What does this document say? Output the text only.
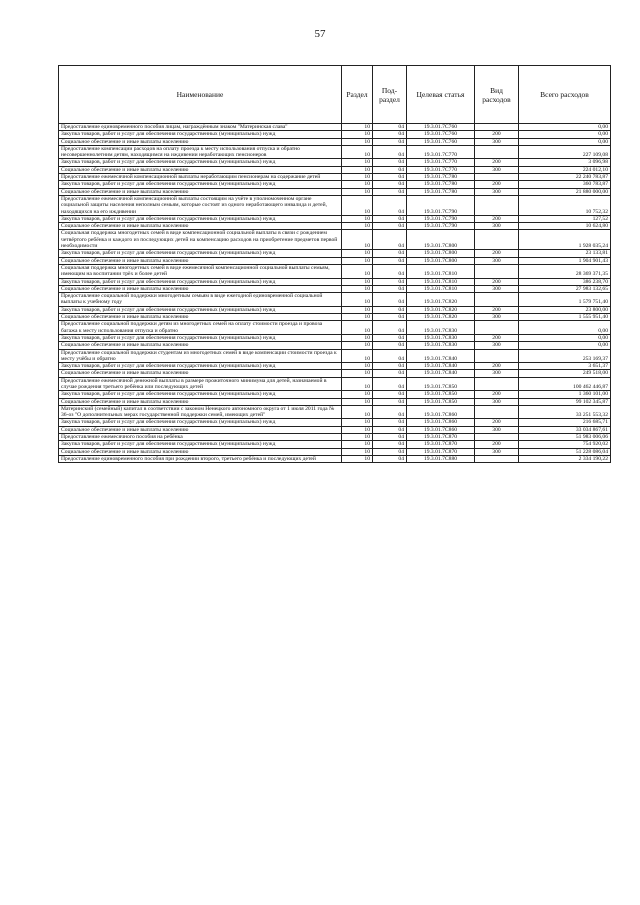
57
Наименование	Раздел	Под-раздел	Целевая статья	Вид расходов	Всего расходов
Предоставление единовременного пособия лицам, награждённым знаком "Материнская слава"	10	04	19.3.01.7С760		0,00
Закупка товаров, работ и услуг для обеспечения государственных (муниципальных) нужд	10	04	19.3.01.7С760	200	0,00
Социальное обеспечение и иные выплаты населению	10	04	19.3.01.7С760	300	0,00
Предоставление компенсации расходов на оплату проезда к месту использования отпуска и обратно несовершеннолетним детям, находящимся на иждивении неработающих пенсионеров	10	04	19.3.01.7С770		227 109,08
Закупка товаров, работ и услуг для обеспечения государственных (муниципальных) нужд	10	04	19.3.01.7С770	200	3 096,98
Социальное обеспечение и иные выплаты населению	10	04	19.3.01.7С770	300	224 012,10
Предоставление ежемесячной компенсационной выплаты неработающим пенсионерам на содержание детей	10	04	19.3.01.7С780		22 240 783,87
Закупка товаров, работ и услуг для обеспечения государственных (муниципальных) нужд	10	04	19.3.01.7С780	200	360 783,87
Социальное обеспечение и иные выплаты населению	10	04	19.3.01.7С780	300	21 880 000,00
Предоставление ежемесячной компенсационной выплаты состоящим на учёте в уполномоченном органе социальной защиты населения неполным семьям, которые состоят из одного неработающего инвалида и детей, находящихся на его иждивении	10	04	19.3.01.7С790		10 752,32
Закупка товаров, работ и услуг для обеспечения государственных (муниципальных) нужд	10	04	19.3.01.7С790	200	127,52
Социальное обеспечение и иные выплаты населению	10	04	19.3.01.7С790	300	10 624,80
Социальная поддержка многодетных семей в виде компенсационной социальной выплаты в связи с рождением четвёртого ребёнка и каждого из последующих детей на компенсацию расходов на приобретение предметов первой необходимости	10	04	19.3.01.7С800		1 928 035,24
Закупка товаров, работ и услуг для обеспечения государственных (муниципальных) нужд	10	04	19.3.01.7С800	200	23 133,81
Социальное обеспечение и иные выплаты населению	10	04	19.3.01.7С800	300	1 904 901,43
Социальная поддержка многодетных семей в виде ежемесячной компенсационной социальной выплаты семьям, имеющим на воспитании трёх и более детей	10	04	19.3.01.7С810		28 369 371,35
Закупка товаров, работ и услуг для обеспечения государственных (муниципальных) нужд	10	04	19.3.01.7С810	200	386 238,70
Социальное обеспечение и иные выплаты населению	10	04	19.3.01.7С810	300	27 983 132,65
Предоставление социальной поддержки многодетным семьям в виде ежегодной единовременной социальной выплаты к учебному году	10	04	19.3.01.7С820		1 579 751,40
Закупка товаров, работ и услуг для обеспечения государственных (муниципальных) нужд	10	04	19.3.01.7С820	200	23 800,00
Социальное обеспечение и иные выплаты населению	10	04	19.3.01.7С820	300	1 555 951,40
Предоставление социальной поддержки детям из многодетных семей на оплату стоимости проезда и провоза багажа к месту использования отпуска и обратно	10	04	19.3.01.7С830		0,00
Закупка товаров, работ и услуг для обеспечения государственных (муниципальных) нужд	10	04	19.3.01.7С830	200	0,00
Социальное обеспечение и иные выплаты населению	10	04	19.3.01.7С830	300	0,00
Предоставление социальной поддержки студентам из многодетных семей в виде компенсации стоимости проезда к месту учёбы и обратно	10	04	19.3.01.7С840		253 169,37
Закупка товаров, работ и услуг для обеспечения государственных (муниципальных) нужд	10	04	19.3.01.7С840	200	3 651,37
Социальное обеспечение и иные выплаты населению	10	04	19.3.01.7С840	300	249 518,00
Предоставление ежемесячной денежной выплаты в размере прожиточного минимума для детей, назначаемой в случае рождения третьего ребёнка или последующих детей	10	04	19.3.01.7С850		100 462 446,87
Закупка товаров, работ и услуг для обеспечения государственных (муниципальных) нужд	10	04	19.3.01.7С850	200	1 360 101,00
Социальное обеспечение и иные выплаты населению	10	04	19.3.01.7С850	300	99 102 345,87
Материнский (семейный) капитал в соответствии с законом Ненецкого автономного округа от 1 июля 2011 года № 36-оз "О дополнительных мерах государственной поддержки семей, имеющих детей"	10	04	19.3.01.7С860		33 251 553,32
Закупка товаров, работ и услуг для обеспечения государственных (муниципальных) нужд	10	04	19.3.01.7С860	200	216 685,71
Социальное обеспечение и иные выплаты населению	10	04	19.3.01.7С860	300	33 034 867,61
Предоставление ежемесячного пособия на ребёнка	10	04	19.3.01.7С870		51 983 006,06
Закупка товаров, работ и услуг для обеспечения государственных (муниципальных) нужд	10	04	19.3.01.7С870	200	754 920,02
Социальное обеспечение и иные выплаты населению	10	04	19.3.01.7С870	300	51 228 086,04
Предоставление единовременного пособия при рождении второго, третьего ребёнка и последующих детей	10	04	19.3.01.7С880		2 334 190,22
